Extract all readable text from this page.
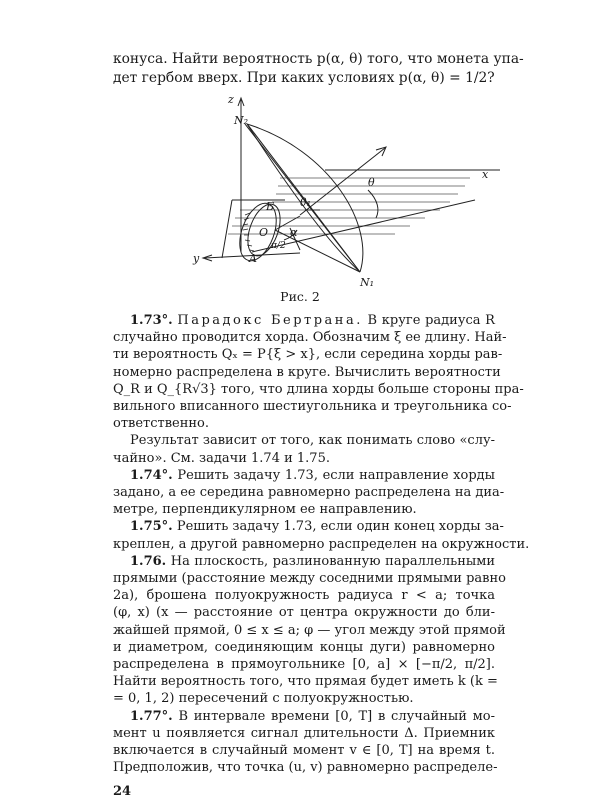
конуса. Найти вероятность p(α, θ) того, что монета упа-
дет гербом вверх. При каких условиях p(α, θ) = 1/2?
z
N₂
θ
x
Б θ₁
O α
π/2
A
y
N₁
Рис. 2
1.73°. Парадокс Бертрана. В круге радиуса R
случайно проводится хорда. Обозначим ξ ее длину. Най-
ти вероятность Qₓ = P{ξ > x}, если середина хорды рав-
номерно распределена в круге. Вычислить вероятности
Q_R и Q_{R√3} того, что длина хорды больше стороны пра-
вильного вписанного шестиугольника и треугольника со-
ответственно.
Результат зависит от того, как понимать слово «слу-
чайно». См. задачи 1.74 и 1.75.
1.74°. Решить задачу 1.73, если направление хорды
задано, а ее середина равномерно распределена на диа-
метре, перпендикулярном ее направлению.
1.75°. Решить задачу 1.73, если один конец хорды за-
креплен, а другой равномерно распределен на окружности.
1.76. На плоскость, разлинованную параллельными
прямыми (расстояние между соседними прямыми равно
2a), брошена полуокружность радиуса r < a; точка
(φ, x) (x — расстояние от центра окружности до бли-
жайшей прямой, 0 ≤ x ≤ a; φ — угол между этой прямой
и диаметром, соединяющим концы дуги) равномерно
распределена в прямоугольнике [0, a] × [−π/2, π/2].
Найти вероятность того, что прямая будет иметь k (k =
= 0, 1, 2) пересечений с полуокружностью.
1.77°. В интервале времени [0, T] в случайный мо-
мент u появляется сигнал длительности Δ. Приемник
включается в случайный момент v ∈ [0, T] на время t.
Предположив, что точка (u, v) равномерно распределе-
24
